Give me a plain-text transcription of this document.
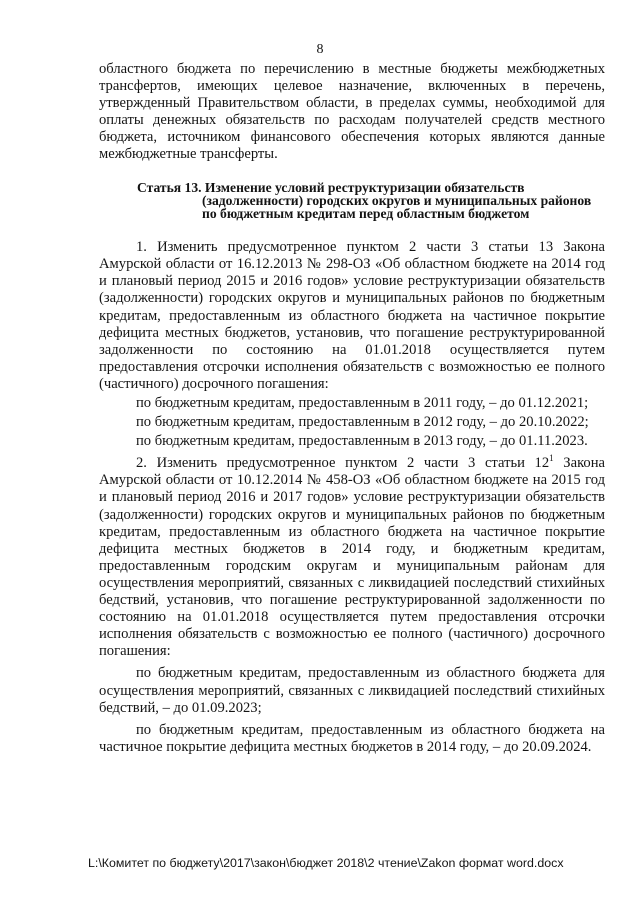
8

областного бюджета по перечислению в местные бюджеты межбюджетных трансфертов, имеющих целевое назначение, включенных в перечень, утвержденный Правительством области, в пределах суммы, необходимой для оплаты денежных обязательств по расходам получателей средств местного бюджета, источником финансового обеспечения которых являются данные межбюджетные трансферты.

Статья 13. Изменение условий реструктуризации обязательств
(задолженности) городских округов и муниципальных районов по бюджетным кредитам перед областным бюджетом

1. Изменить предусмотренное пунктом 2 части 3 статьи 13 Закона Амурской области от 16.12.2013 № 298-ОЗ «Об областном бюджете на 2014 год и плановый период 2015 и 2016 годов» условие реструктуризации обязательств (задолженности) городских округов и муниципальных районов по бюджетным кредитам, предоставленным из областного бюджета на частичное покрытие дефицита местных бюджетов, установив, что погашение реструктурированной задолженности по состоянию на 01.01.2018 осуществляется путем предоставления отсрочки исполнения обязательств с возможностью ее полного (частичного) досрочного погашения:

по бюджетным кредитам, предоставленным в 2011 году, – до 01.12.2021;

по бюджетным кредитам, предоставленным в 2012 году, – до 20.10.2022;

по бюджетным кредитам, предоставленным в 2013 году, – до 01.11.2023.

2. Изменить предусмотренное пунктом 2 части 3 статьи $12^1$ Закона Амурской области от 10.12.2014 № 458-ОЗ «Об областном бюджете на 2015 год и плановый период 2016 и 2017 годов» условие реструктуризации обязательств (задолженности) городских округов и муниципальных районов по бюджетным кредитам, предоставленным из областного бюджета на частичное покрытие дефицита местных бюджетов в 2014 году, и бюджетным кредитам, предоставленным городским округам и муниципальным районам для осуществления мероприятий, связанных с ликвидацией последствий стихийных бедствий, установив, что погашение реструктурированной задолженности по состоянию на 01.01.2018 осуществляется путем предоставления отсрочки исполнения обязательств с возможностью ее полного (частичного) досрочного погашения:

по бюджетным кредитам, предоставленным из областного бюджета для осуществления мероприятий, связанных с ликвидацией последствий стихийных бедствий, – до 01.09.2023;

по бюджетным кредитам, предоставленным из областного бюджета на частичное покрытие дефицита местных бюджетов в 2014 году, – до 20.09.2024.

L:\Комитет по бюджету\2017\закон\бюджет 2018\2 чтение\Zakon формат word.docx
